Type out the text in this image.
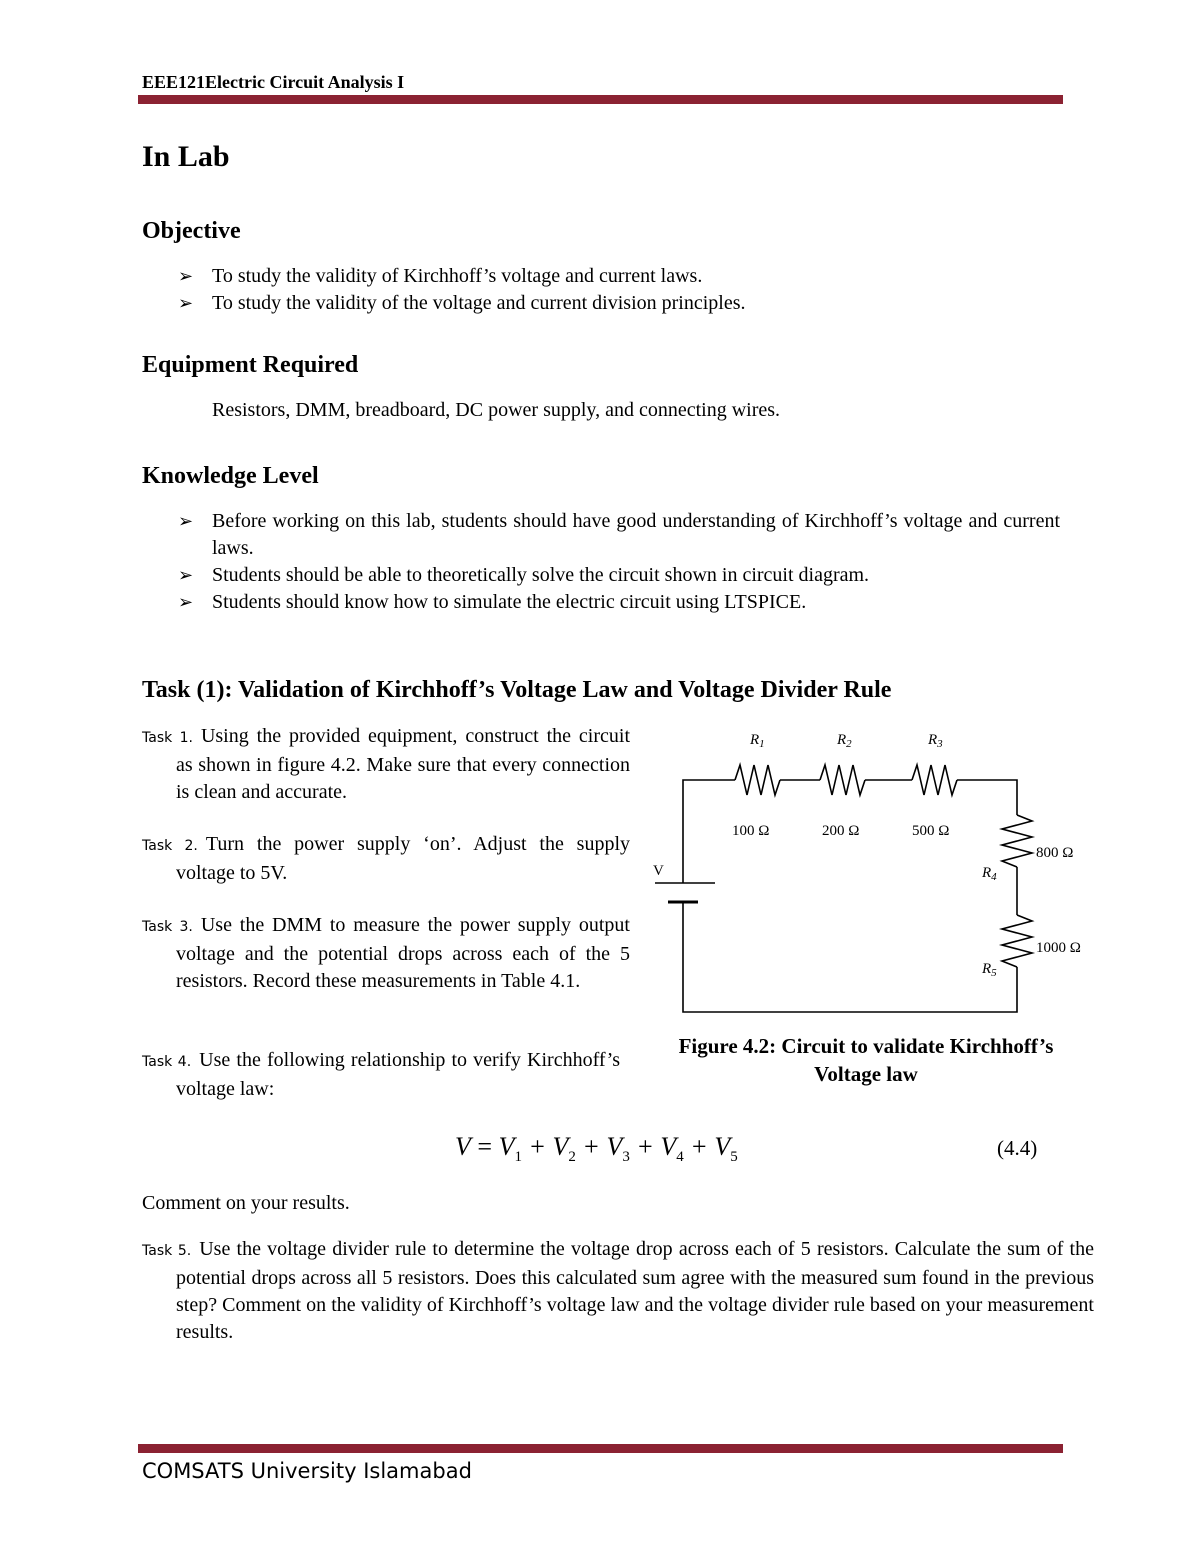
EEE121Electric Circuit Analysis I
In Lab
Objective
➢ To study the validity of Kirchhoff’s voltage and current laws.
➢ To study the validity of the voltage and current division principles.
Equipment Required

Resistors, DMM, breadboard, DC power supply, and connecting wires.

Knowledge Level
➢ Before working on this lab, students should have good understanding of Kirchhoff’s voltage and current laws.
➢ Students should be able to theoretically solve the circuit shown in circuit diagram.
➢ Students should know how to simulate the electric circuit using LTSPICE.
Task (1): Validation of Kirchhoff’s Voltage Law and Voltage Divider Rule
Task 1. Using the provided equipment, construct the circuit as shown in figure 4.2. Make sure that every connection is clean and accurate.
Task 2. Turn the power supply ‘on’. Adjust the supply voltage to 5V.
Task 3. Use the DMM to measure the power supply output voltage and the potential drops across each of the 5 resistors. Record these measurements in Table 4.1.
Task 4. Use the following relationship to verify Kirchhoff’s voltage law:
$R_1$	$R_2$	$R_3$
100 Ω	200 Ω	500 Ω
800 Ω
$R_4$
1000 Ω
$R_5$
V
Figure 4.2: Circuit to validate Kirchhoff’s
Voltage law
$V = V_1 + V_2 + V_3 + V_4 + V_5$	(4.4)

Comment on your results.

Task 5. Use the voltage divider rule to determine the voltage drop across each of 5 resistors. Calculate the sum of the potential drops across all 5 resistors. Does this calculated sum agree with the measured sum found in the previous step? Comment on the validity of Kirchhoff’s voltage law and the voltage divider rule based on your measurement results.
COMSATS University Islamabad
